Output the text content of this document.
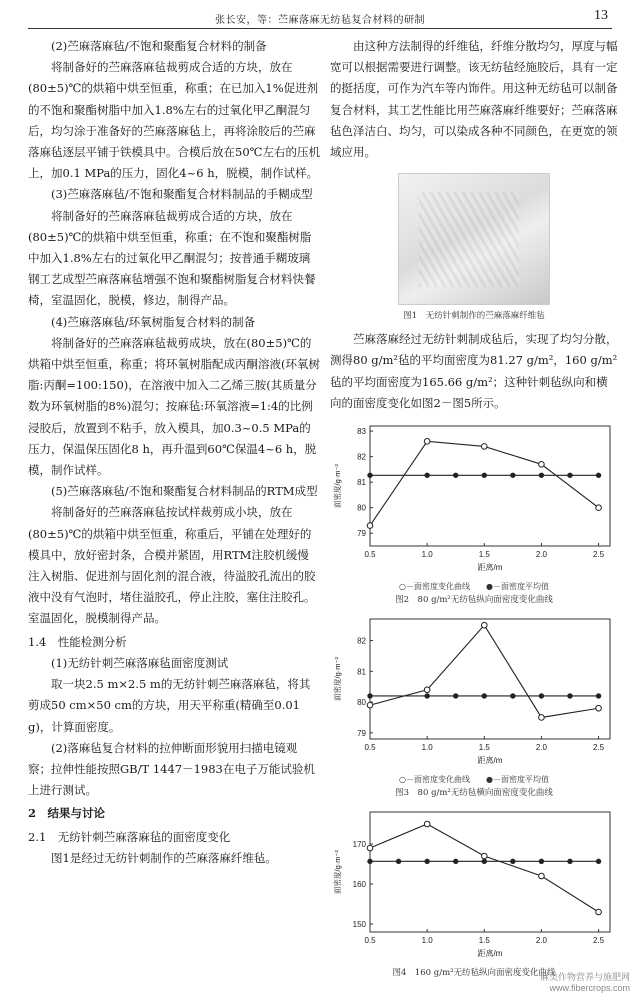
张长安，等：苎麻落麻无纺毡复合材料的研制	13

(2)苎麻落麻毡/不饱和聚酯复合材料的制备

将制备好的苎麻落麻毡裁剪成合适的方块，放在(80±5)℃的烘箱中烘至恒重，称重；在已加入1%促进剂的不饱和聚酯树脂中加入1.8%左右的过氧化甲乙酮混匀后，均匀涂于准备好的苎麻落麻毡上，再将涂胶后的苎麻落麻毡逐层平铺于铁模具中。合模后放在50℃左右的压机上，加0.1 MPa的压力，固化4~6 h，脱模，制作试样。

(3)苎麻落麻毡/不饱和聚酯复合材料制品的手糊成型

将制备好的苎麻落麻毡裁剪成合适的方块，放在(80±5)℃的烘箱中烘至恒重，称重；在不饱和聚酯树脂中加入1.8%左右的过氧化甲乙酮混匀；按普通手糊玻璃钢工艺成型苎麻落麻毡增强不饱和聚酯树脂复合材料快餐椅，室温固化，脱模，修边，制得产品。

(4)苎麻落麻毡/环氧树脂复合材料的制备

将制备好的苎麻落麻毡裁剪成块，放在(80±5)℃的烘箱中烘至恒重，称重；将环氧树脂配成丙酮溶液(环氧树脂:丙酮=100:150)，在溶液中加入二乙烯三胺(其质量分数为环氧树脂的8%)混匀；按麻毡:环氧溶液=1:4的比例浸胶后，放置到不粘手，放入模具，加0.3~0.5 MPa的压力，保温保压固化8 h，再升温到60℃保温4~6 h，脱模，制作试样。

(5)苎麻落麻毡/不饱和聚酯复合材料制品的RTM成型

将制备好的苎麻落麻毡按试样裁剪成小块，放在(80±5)℃的烘箱中烘至恒重，称重后，平铺在处理好的模具中，放好密封条，合模并紧固，用RTM注胶机缓慢注入树脂、促进剂与固化剂的混合液，待溢胶孔流出的胶液中没有气泡时，堵住溢胶孔，停止注胶，塞住注胶孔。室温固化，脱模制得产品。

1.4　性能检测分析

(1)无纺针刺苎麻落麻毡面密度测试

取一块2.5 m×2.5 m的无纺针刺苎麻落麻毡，将其剪成50 cm×50 cm的方块，用天平称重(精确至0.01 g)，计算面密度。

(2)落麻毡复合材料的拉伸断面形貌用扫描电镜观察；拉伸性能按照GB/T 1447－1983在电子万能试验机上进行测试。

2　结果与讨论

2.1　无纺针刺苎麻落麻毡的面密度变化

图1是经过无纺针刺制作的苎麻落麻纤维毡。

由这种方法制得的纤维毡，纤维分散均匀，厚度与幅宽可以根据需要进行调整。该无纺毡经施胶后，具有一定的挺括度，可作为汽车等内饰件。用这种无纺毡可以制备复合材料，其工艺性能比用苎麻落麻纤维要好；苎麻落麻毡色泽洁白、均匀，可以染成各种不同颜色，在更宽的领域应用。

图1　无纺针刺制作的苎麻落麻纤维毡

苎麻落麻经过无纺针刺制成毡后，实现了均匀分散，测得80 g/m²毡的平均面密度为81.27 g/m²，160 g/m²毡的平均面密度为165.66 g/m²；这种针刺毡纵向和横向的面密度变化如图2－图5所示。

0.5	1.0	1.5	2.0	2.5
79
80
81
82
83
距离/m
面密度/g·m⁻²
○－面密度变化曲线　　●－面密度平均值
图2　80 g/m²无纺毡纵向面密度变化曲线
0.5	1.0	1.5	2.0	2.5
79
80
81
82
距离/m
面密度/g·m⁻²
○－面密度变化曲线　　●－面密度平均值
图3　80 g/m²无纺毡横向面密度变化曲线
0.5	1.0	1.5	2.0	2.5
150
160
170
距离/m
面密度/g·m⁻²
图4　160 g/m²无纺毡纵向面密度变化曲线
麻类作物营养与施肥网
www.fibercrops.com
